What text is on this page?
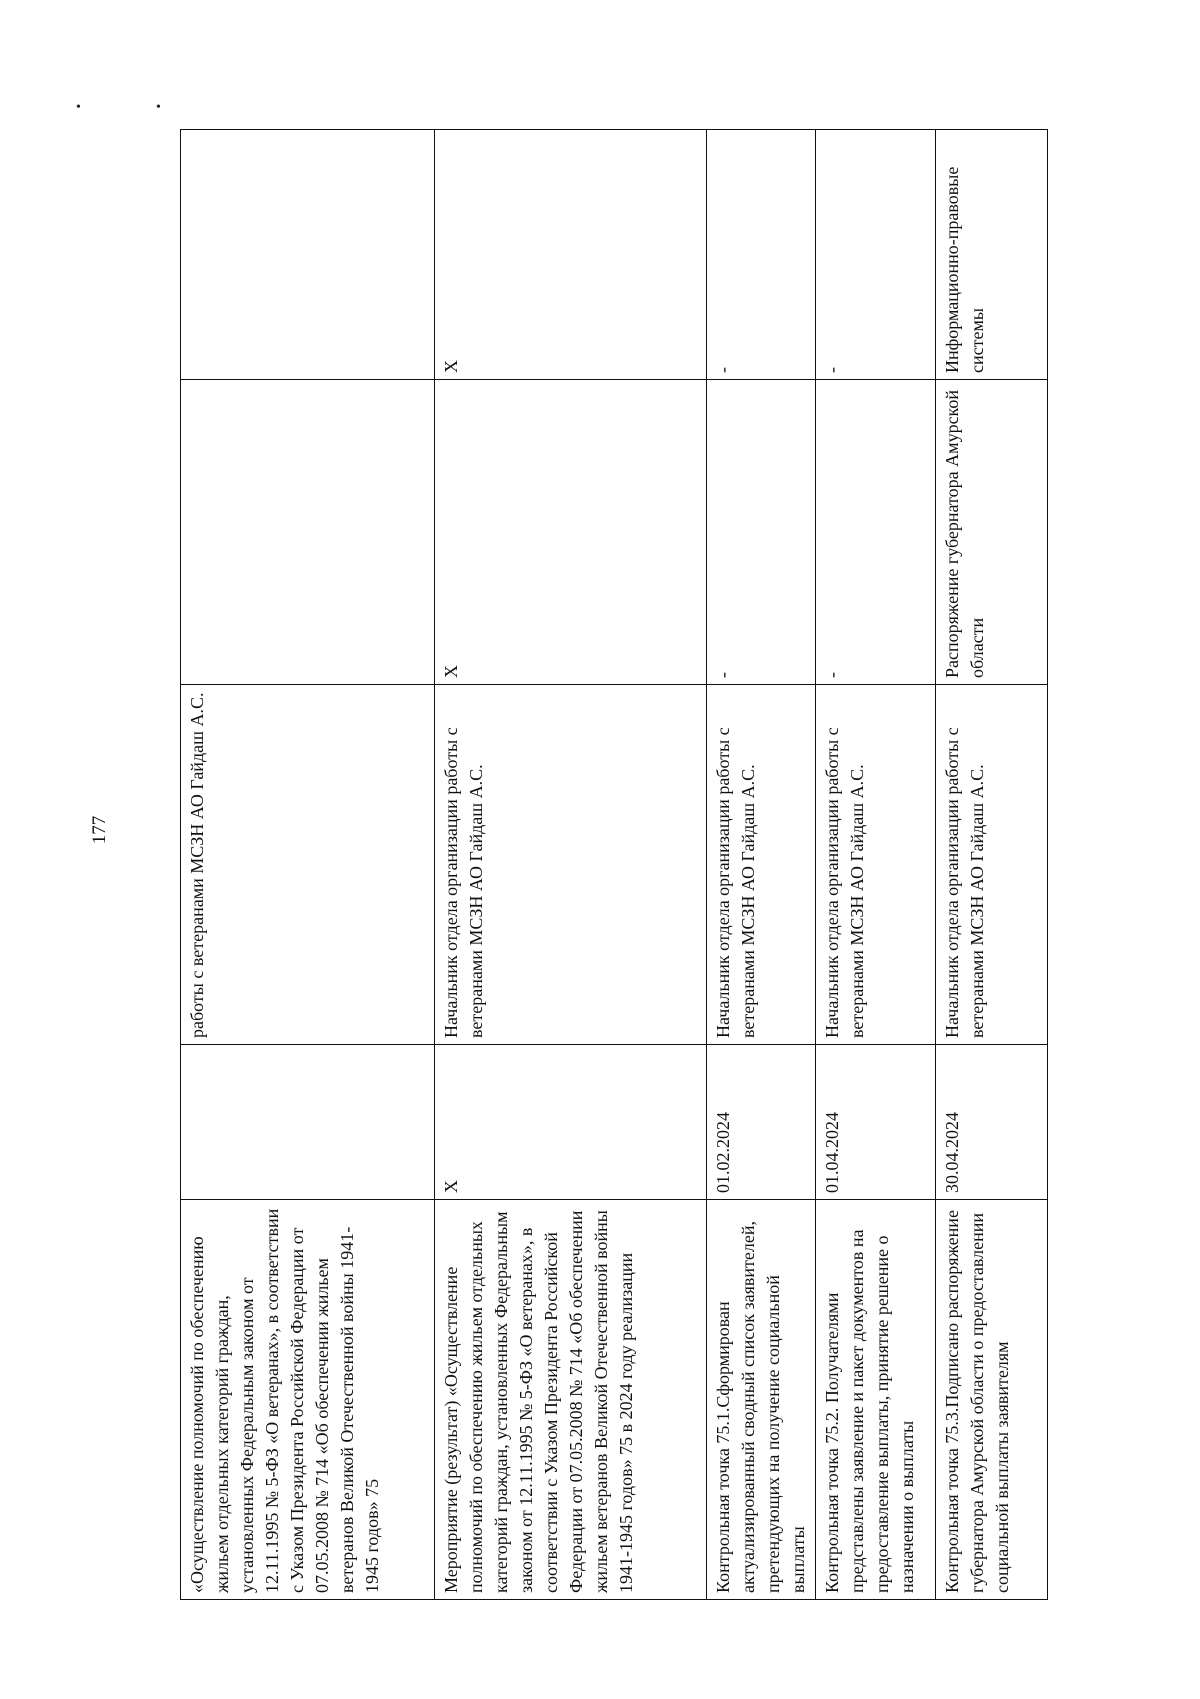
•	•
177
«Осуществление полномочий по обеспечению жильем отдельных категорий граждан, установленных Федеральным законом от 12.11.1995 № 5-ФЗ «О ветеранах», в соответствии с Указом Президента Российской Федерации от 07.05.2008 № 714 «Об обеспечении жильем ветеранов Великой Отечественной войны 1941-1945 годов» 75		работы с ветеранами МСЗН АО Гайдаш А.С.		
Мероприятие (результат) «Осуществление полномочий по обеспечению жильем отдельных категорий граждан, установленных Федеральным законом от 12.11.1995 № 5-ФЗ «О ветеранах», в соответствии с Указом Президента Российской Федерации от 07.05.2008 № 714 «Об обеспечении жильем ветеранов Великой Отечественной войны 1941-1945 годов» 75 в 2024 году реализации	X	Начальник отдела организации работы с ветеранами МСЗН АО Гайдаш А.С.	X	X
Контрольная точка 75.1.Сформирован актуализированный сводный список заявителей, претендующих на получение социальной выплаты	01.02.2024	Начальник отдела организации работы с ветеранами МСЗН АО Гайдаш А.С.	-	-
Контрольная точка 75.2. Получателями представлены заявление и пакет документов на предоставление выплаты, принятие решение о назначении о выплаты	01.04.2024	Начальник отдела организации работы с ветеранами МСЗН АО Гайдаш А.С.	-	-
Контрольная точка 75.3.Подписано распоряжение губернатора Амурской области о предоставлении социальной выплаты заявителям	30.04.2024	Начальник отдела организации работы с ветеранами МСЗН АО Гайдаш А.С.	Распоряжение губернатора Амурской области	Информационно-правовые системы
